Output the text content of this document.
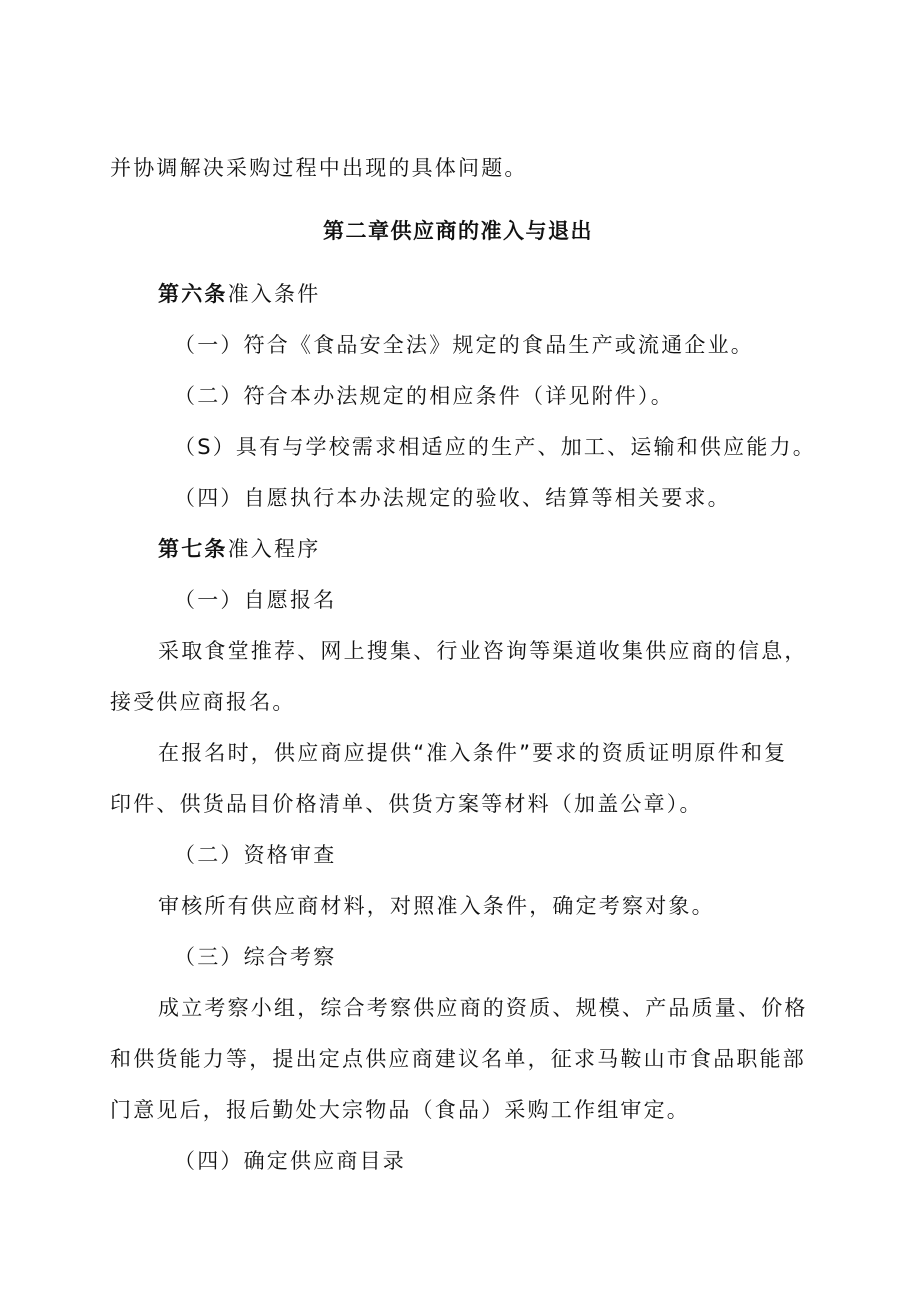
并协调解决采购过程中出现的具体问题。
第二章供应商的准入与退出
第六条准入条件
（一）符合《食品安全法》规定的食品生产或流通企业。
（二）符合本办法规定的相应条件（详见附件）。
（S）具有与学校需求相适应的生产、加工、运输和供应能力。
（四）自愿执行本办法规定的验收、结算等相关要求。
第七条准入程序
（一）自愿报名
采取食堂推荐、网上搜集、行业咨询等渠道收集供应商的信息，
接受供应商报名。
在报名时，供应商应提供“准入条件”要求的资质证明原件和复
印件、供货品目价格清单、供货方案等材料（加盖公章）。
（二）资格审查
审核所有供应商材料，对照准入条件，确定考察对象。
（三）综合考察
成立考察小组，综合考察供应商的资质、规模、产品质量、价格
和供货能力等，提出定点供应商建议名单，征求马鞍山市食品职能部
门意见后，报后勤处大宗物品（食品）采购工作组审定。
（四）确定供应商目录
